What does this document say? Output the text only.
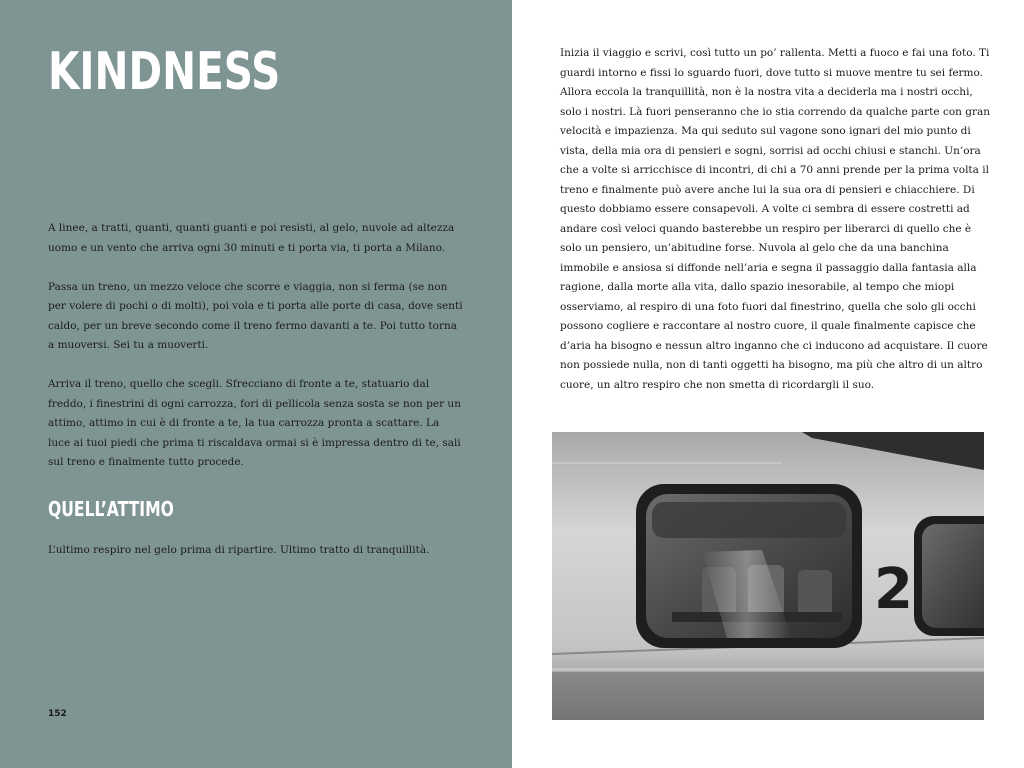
KINDNESS

A linee, a tratti, quanti, quanti guanti e poi resisti, al gelo, nuvole ad altezza uomo e un vento che arriva ogni 30 minuti e ti porta via, ti porta a Milano.

Passa un treno, un mezzo veloce che scorre e viaggia, non si ferma (se non per volere di pochi o di molti), poi vola e ti porta alle porte di casa, dove senti caldo, per un breve secondo come il treno fermo davanti a te. Poi tutto torna a muoversi. Sei tu a muoverti.

Arriva il treno, quello che scegli. Sfrecciano di fronte a te, statuario dal freddo, i finestrini di ogni carrozza, fori di pellicola senza sosta se non per un attimo, attimo in cui è di fronte a te, la tua carrozza pronta a scattare. La luce ai tuoi piedi che prima ti riscaldava ormai si è impressa dentro di te, sali sul treno e finalmente tutto procede.

QUELL’ATTIMO

L’ultimo respiro nel gelo prima di ripartire. Ultimo tratto di tranquillità.

152

Inizia il viaggio e scrivi, così tutto un po’ rallenta. Metti a fuoco e fai una foto. Ti guardi intorno e fissi lo sguardo fuori, dove tutto si muove mentre tu sei fermo. Allora eccola la tranquillità, non è la nostra vita a deciderla ma i nostri occhi, solo i nostri. Là fuori penseranno che io stia correndo da qualche parte con gran velocità e impazienza. Ma qui seduto sul vagone sono ignari del mio punto di vista, della mia ora di pensieri e sogni, sorrisi ad occhi chiusi e stanchi. Un’ora che a volte si arricchisce di incontri, di chi a 70 anni prende per la prima volta il treno e finalmente può avere anche lui la sua ora di pensieri e chiacchiere. Di questo dobbiamo essere consapevoli. A volte ci sembra di essere costretti ad andare così veloci quando basterebbe un respiro per liberarci di quello che è solo un pensiero, un’abitudine forse. Nuvola al gelo che da una banchina immobile e ansiosa si diffonde nell’aria e segna il passaggio dalla fantasia alla ragione, dalla morte alla vita, dallo spazio inesorabile, al tempo che miopi osserviamo, al respiro di una foto fuori dal finestrino, quella che solo gli occhi possono cogliere e raccontare al nostro cuore, il quale finalmente capisce che d’aria ha bisogno e nessun altro inganno che ci inducono ad acquistare. Il cuore non possiede nulla, non di tanti oggetti ha bisogno, ma più che altro di un altro cuore, un altro respiro che non smetta di ricordargli il suo.

2
